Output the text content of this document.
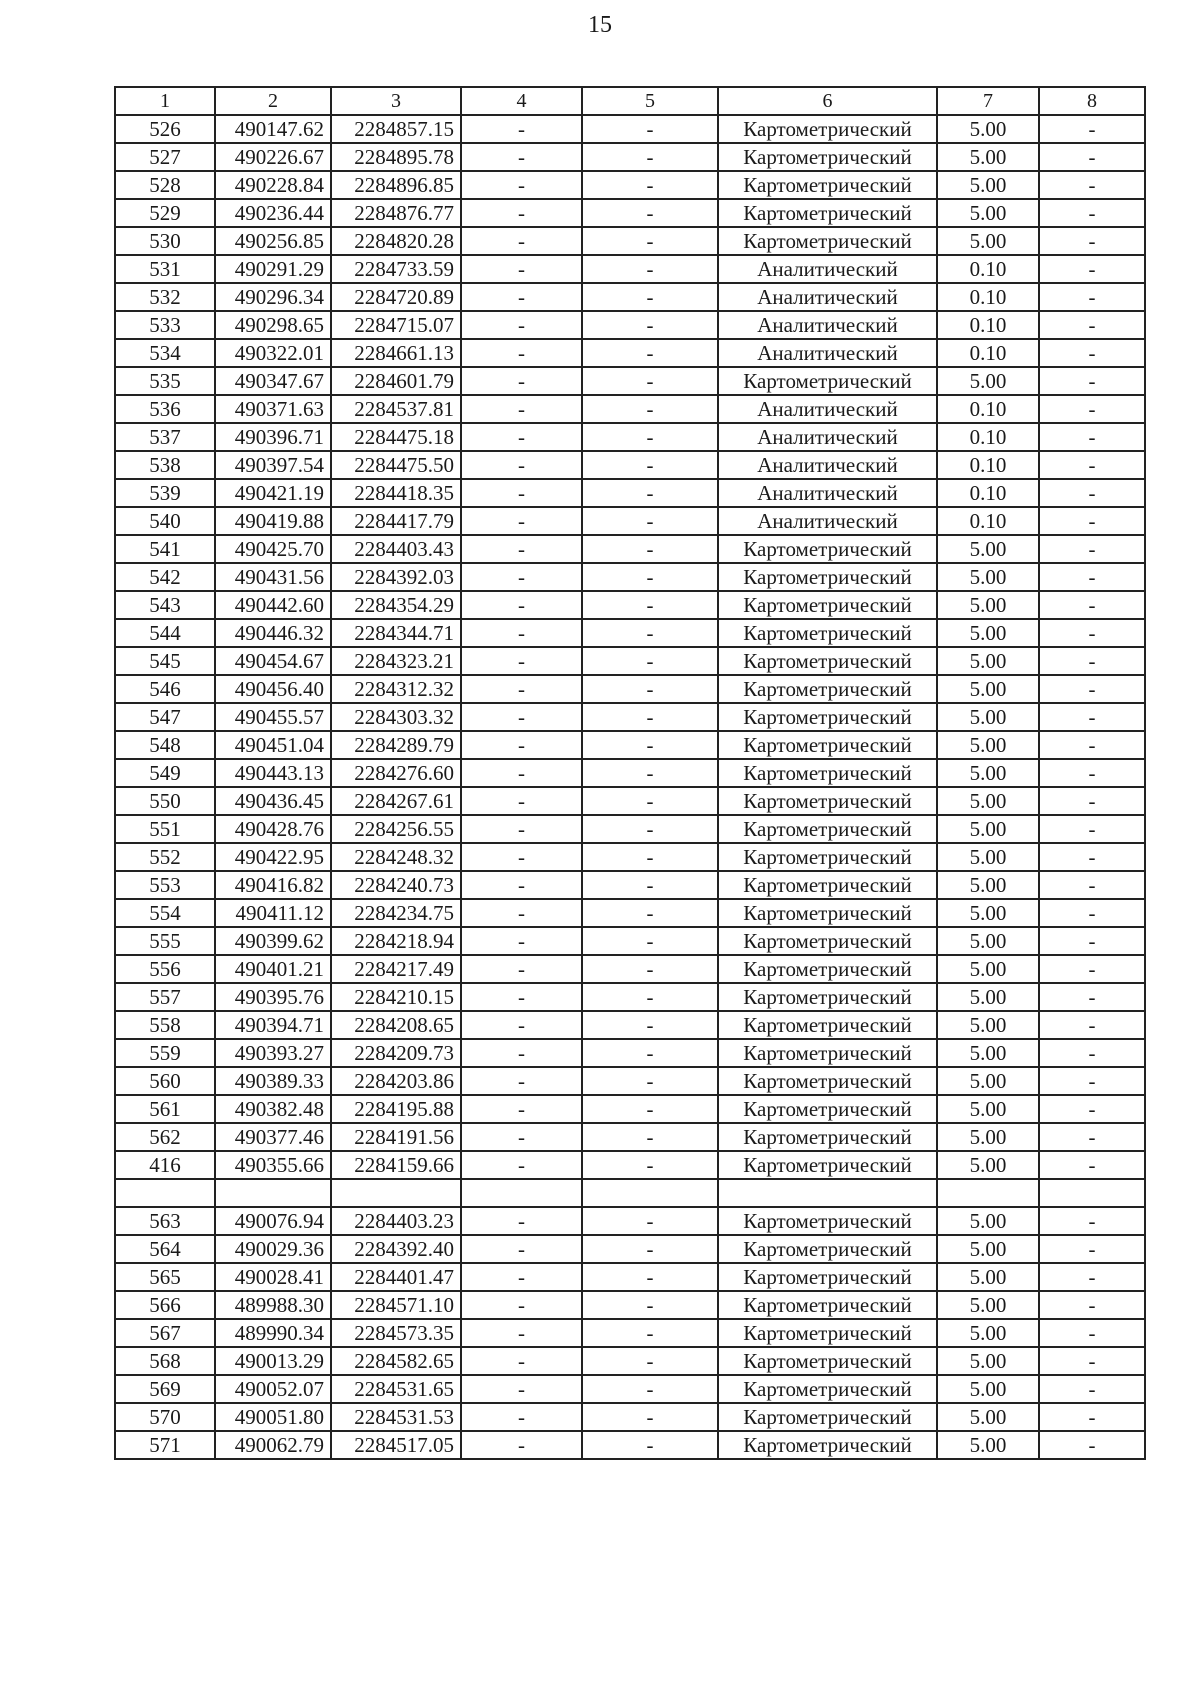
15
1	2	3	4	5	6	7	8
526	490147.62	2284857.15	-	-	Картометрический	5.00	-
527	490226.67	2284895.78	-	-	Картометрический	5.00	-
528	490228.84	2284896.85	-	-	Картометрический	5.00	-
529	490236.44	2284876.77	-	-	Картометрический	5.00	-
530	490256.85	2284820.28	-	-	Картометрический	5.00	-
531	490291.29	2284733.59	-	-	Аналитический	0.10	-
532	490296.34	2284720.89	-	-	Аналитический	0.10	-
533	490298.65	2284715.07	-	-	Аналитический	0.10	-
534	490322.01	2284661.13	-	-	Аналитический	0.10	-
535	490347.67	2284601.79	-	-	Картометрический	5.00	-
536	490371.63	2284537.81	-	-	Аналитический	0.10	-
537	490396.71	2284475.18	-	-	Аналитический	0.10	-
538	490397.54	2284475.50	-	-	Аналитический	0.10	-
539	490421.19	2284418.35	-	-	Аналитический	0.10	-
540	490419.88	2284417.79	-	-	Аналитический	0.10	-
541	490425.70	2284403.43	-	-	Картометрический	5.00	-
542	490431.56	2284392.03	-	-	Картометрический	5.00	-
543	490442.60	2284354.29	-	-	Картометрический	5.00	-
544	490446.32	2284344.71	-	-	Картометрический	5.00	-
545	490454.67	2284323.21	-	-	Картометрический	5.00	-
546	490456.40	2284312.32	-	-	Картометрический	5.00	-
547	490455.57	2284303.32	-	-	Картометрический	5.00	-
548	490451.04	2284289.79	-	-	Картометрический	5.00	-
549	490443.13	2284276.60	-	-	Картометрический	5.00	-
550	490436.45	2284267.61	-	-	Картометрический	5.00	-
551	490428.76	2284256.55	-	-	Картометрический	5.00	-
552	490422.95	2284248.32	-	-	Картометрический	5.00	-
553	490416.82	2284240.73	-	-	Картометрический	5.00	-
554	490411.12	2284234.75	-	-	Картометрический	5.00	-
555	490399.62	2284218.94	-	-	Картометрический	5.00	-
556	490401.21	2284217.49	-	-	Картометрический	5.00	-
557	490395.76	2284210.15	-	-	Картометрический	5.00	-
558	490394.71	2284208.65	-	-	Картометрический	5.00	-
559	490393.27	2284209.73	-	-	Картометрический	5.00	-
560	490389.33	2284203.86	-	-	Картометрический	5.00	-
561	490382.48	2284195.88	-	-	Картометрический	5.00	-
562	490377.46	2284191.56	-	-	Картометрический	5.00	-
416	490355.66	2284159.66	-	-	Картометрический	5.00	-

563	490076.94	2284403.23	-	-	Картометрический	5.00	-
564	490029.36	2284392.40	-	-	Картометрический	5.00	-
565	490028.41	2284401.47	-	-	Картометрический	5.00	-
566	489988.30	2284571.10	-	-	Картометрический	5.00	-
567	489990.34	2284573.35	-	-	Картометрический	5.00	-
568	490013.29	2284582.65	-	-	Картометрический	5.00	-
569	490052.07	2284531.65	-	-	Картометрический	5.00	-
570	490051.80	2284531.53	-	-	Картометрический	5.00	-
571	490062.79	2284517.05	-	-	Картометрический	5.00	-
